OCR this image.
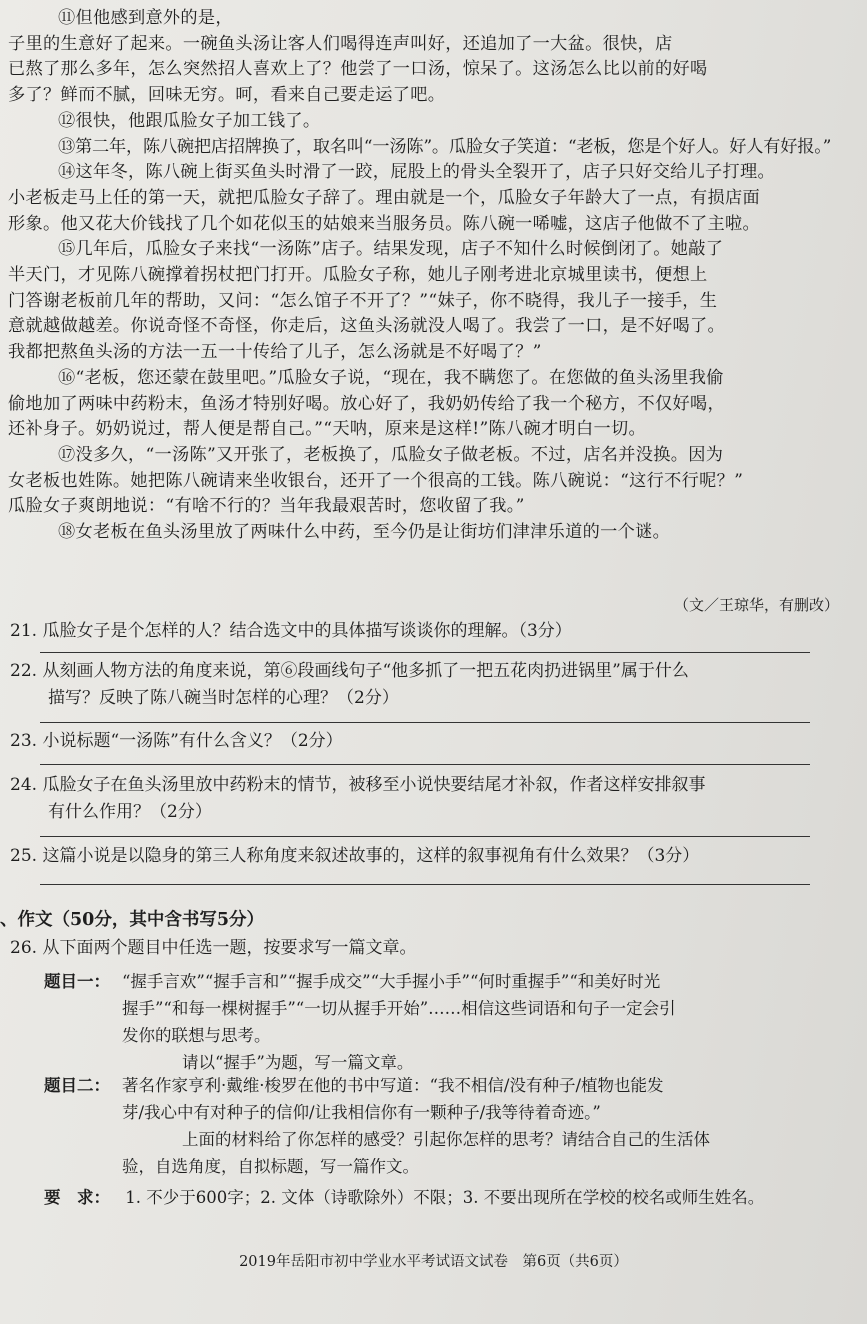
⑪但他感到意外的是，

子里的生意好了起来。一碗鱼头汤让客人们喝得连声叫好，还追加了一大盆。很快，店

已熬了那么多年，怎么突然招人喜欢上了？他尝了一口汤，惊呆了。这汤怎么比以前的好喝

多了？鲜而不腻，回味无穷。呵，看来自己要走运了吧。

⑫很快，他跟瓜脸女子加工钱了。

⑬第二年，陈八碗把店招牌换了，取名叫“一汤陈”。瓜脸女子笑道：“老板，您是个好人。好人有好报。”

⑭这年冬，陈八碗上街买鱼头时滑了一跤，屁股上的骨头全裂开了，店子只好交给儿子打理。

小老板走马上任的第一天，就把瓜脸女子辞了。理由就是一个，瓜脸女子年龄大了一点，有损店面

形象。他又花大价钱找了几个如花似玉的姑娘来当服务员。陈八碗一唏嘘，这店子他做不了主啦。

⑮几年后，瓜脸女子来找“一汤陈”店子。结果发现，店子不知什么时候倒闭了。她敲了

半天门，才见陈八碗撑着拐杖把门打开。瓜脸女子称，她儿子刚考进北京城里读书，便想上

门答谢老板前几年的帮助，又问：“怎么馆子不开了？”“妹子，你不晓得，我儿子一接手，生

意就越做越差。你说奇怪不奇怪，你走后，这鱼头汤就没人喝了。我尝了一口，是不好喝了。

我都把熬鱼头汤的方法一五一十传给了儿子，怎么汤就是不好喝了？”

⑯“老板，您还蒙在鼓里吧。”瓜脸女子说，“现在，我不瞒您了。在您做的鱼头汤里我偷

偷地加了两味中药粉末，鱼汤才特别好喝。放心好了，我奶奶传给了我一个秘方，不仅好喝，

还补身子。奶奶说过，帮人便是帮自己。”“天呐，原来是这样!”陈八碗才明白一切。

⑰没多久，“一汤陈”又开张了，老板换了，瓜脸女子做老板。不过，店名并没换。因为

女老板也姓陈。她把陈八碗请来坐收银台，还开了一个很高的工钱。陈八碗说：“这行不行呢？”

瓜脸女子爽朗地说：“有啥不行的？当年我最艰苦时，您收留了我。”

⑱女老板在鱼头汤里放了两味什么中药，至今仍是让街坊们津津乐道的一个谜。

（文／王琼华，有删改）
21. 瓜脸女子是个怎样的人？结合选文中的具体描写谈谈你的理解。（3分）
22. 从刻画人物方法的角度来说，第⑥段画线句子“他多抓了一把五花肉扔进锅里”属于什么
描写？反映了陈八碗当时怎样的心理？（2分）
23. 小说标题“一汤陈”有什么含义？（2分）
24. 瓜脸女子在鱼头汤里放中药粉末的情节，被移至小说快要结尾才补叙，作者这样安排叙事
有什么作用？（2分）
25. 这篇小说是以隐身的第三人称角度来叙述故事的，这样的叙事视角有什么效果？（3分）
、作文（50分，其中含书写5分）
26. 从下面两个题目中任选一题，按要求写一篇文章。
题目一： “握手言欢”“握手言和”“握手成交”“大手握小手”“何时重握手”“和美好时光

握手”“和每一棵树握手”“一切从握手开始”……相信这些词语和句子一定会引

发你的联想与思考。

请以“握手”为题，写一篇文章。

题目二： 著名作家亨利·戴维·梭罗在他的书中写道：“我不相信/没有种子/植物也能发

芽/我心中有对种子的信仰/让我相信你有一颗种子/我等待着奇迹。”

上面的材料给了你怎样的感受？引起你怎样的思考？请结合自己的生活体

验，自选角度，自拟标题，写一篇作文。

要　求： 1. 不少于600字；2. 文体（诗歌除外）不限；3. 不要出现所在学校的校名或师生姓名。
2019年岳阳市初中学业水平考试语文试卷　第6页（共6页）
